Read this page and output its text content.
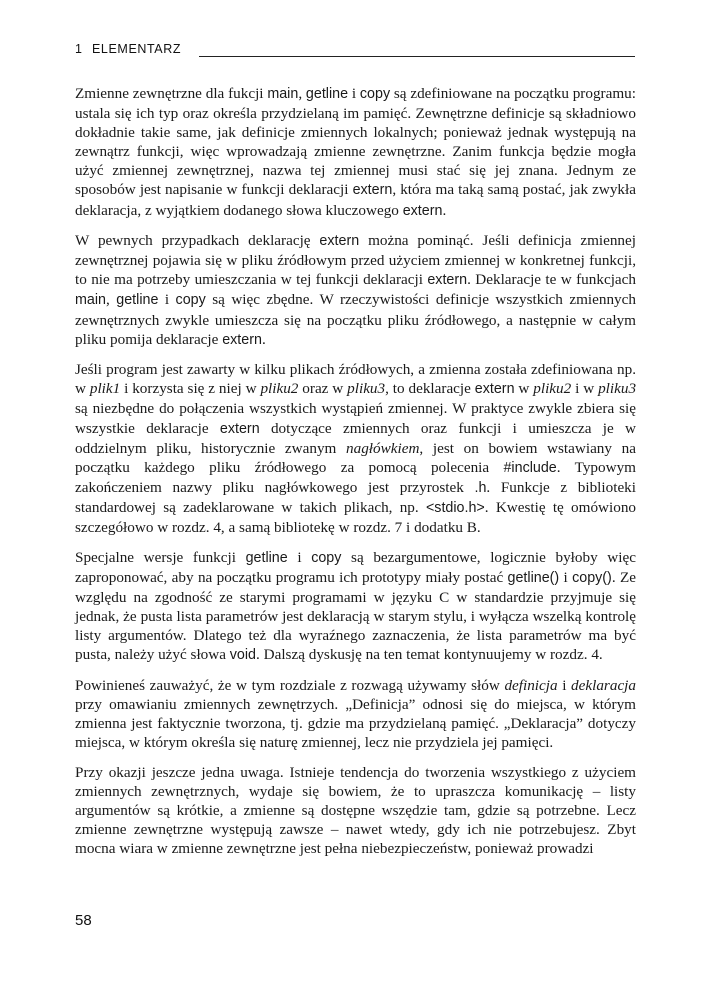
1 ELEMENTARZ

Zmienne zewnętrzne dla fukcji main, getline i copy są zdefiniowane na początku programu: ustala się ich typ oraz określa przydzielaną im pamięć. Zewnętrzne definicje są składniowo dokładnie takie same, jak definicje zmiennych lokalnych; ponieważ jednak występują na zewnątrz funkcji, więc wprowadzają zmienne zewnętrzne. Zanim funkcja będzie mogła użyć zmiennej zewnętrznej, nazwa tej zmiennej musi stać się jej znana. Jednym ze sposobów jest napisanie w funkcji deklaracji extern, która ma taką samą postać, jak zwykła deklaracja, z wyjątkiem dodanego słowa kluczowego extern.

W pewnych przypadkach deklarację extern można pominąć. Jeśli definicja zmiennej zewnętrznej pojawia się w pliku źródłowym przed użyciem zmiennej w konkretnej funkcji, to nie ma potrzeby umieszczania w tej funkcji deklaracji extern. Deklaracje te w funkcjach main, getline i copy są więc zbędne. W rzeczywistości definicje wszystkich zmiennych zewnętrznych zwykle umieszcza się na początku pliku źródłowego, a następnie w całym pliku pomija deklaracje extern.

Jeśli program jest zawarty w kilku plikach źródłowych, a zmienna została zdefiniowana np. w plik1 i korzysta się z niej w pliku2 oraz w pliku3, to deklaracje extern w pliku2 i w pliku3 są niezbędne do połączenia wszystkich wystąpień zmiennej. W praktyce zwykle zbiera się wszystkie deklaracje extern dotyczące zmiennych oraz funkcji i umieszcza je w oddzielnym pliku, historycznie zwanym nagłówkiem, jest on bowiem wstawiany na początku każdego pliku źródłowego za pomocą polecenia #include. Typowym zakończeniem nazwy pliku nagłówkowego jest przyrostek .h. Funkcje z biblioteki standardowej są zadeklarowane w takich plikach, np. <stdio.h>. Kwestię tę omówiono szczegółowo w rozdz. 4, a samą bibliotekę w rozdz. 7 i dodatku B.

Specjalne wersje funkcji getline i copy są bezargumentowe, logicznie byłoby więc zaproponować, aby na początku programu ich prototypy miały postać getline() i copy(). Ze względu na zgodność ze starymi programami w języku C w standardzie przyjmuje się jednak, że pusta lista parametrów jest deklaracją w starym stylu, i wyłącza wszelką kontrolę listy argumentów. Dlatego też dla wyraźnego zaznaczenia, że lista parametrów ma być pusta, należy użyć słowa void. Dalszą dyskusję na ten temat kontynuujemy w rozdz. 4.

Powinieneś zauważyć, że w tym rozdziale z rozwagą używamy słów definicja i deklaracja przy omawianiu zmiennych zewnętrzych. „Definicja” odnosi się do miejsca, w którym zmienna jest faktycznie tworzona, tj. gdzie ma przydzielaną pamięć. „Deklaracja” dotyczy miejsca, w którym określa się naturę zmiennej, lecz nie przydziela jej pamięci.

Przy okazji jeszcze jedna uwaga. Istnieje tendencja do tworzenia wszystkiego z użyciem zmiennych zewnętrznych, wydaje się bowiem, że to upraszcza komunikację – listy argumentów są krótkie, a zmienne są dostępne wszędzie tam, gdzie są potrzebne. Lecz zmienne zewnętrzne występują zawsze – nawet wtedy, gdy ich nie potrzebujesz. Zbyt mocna wiara w zmienne zewnętrzne jest pełna niebezpieczeństw, ponieważ prowadzi

58
